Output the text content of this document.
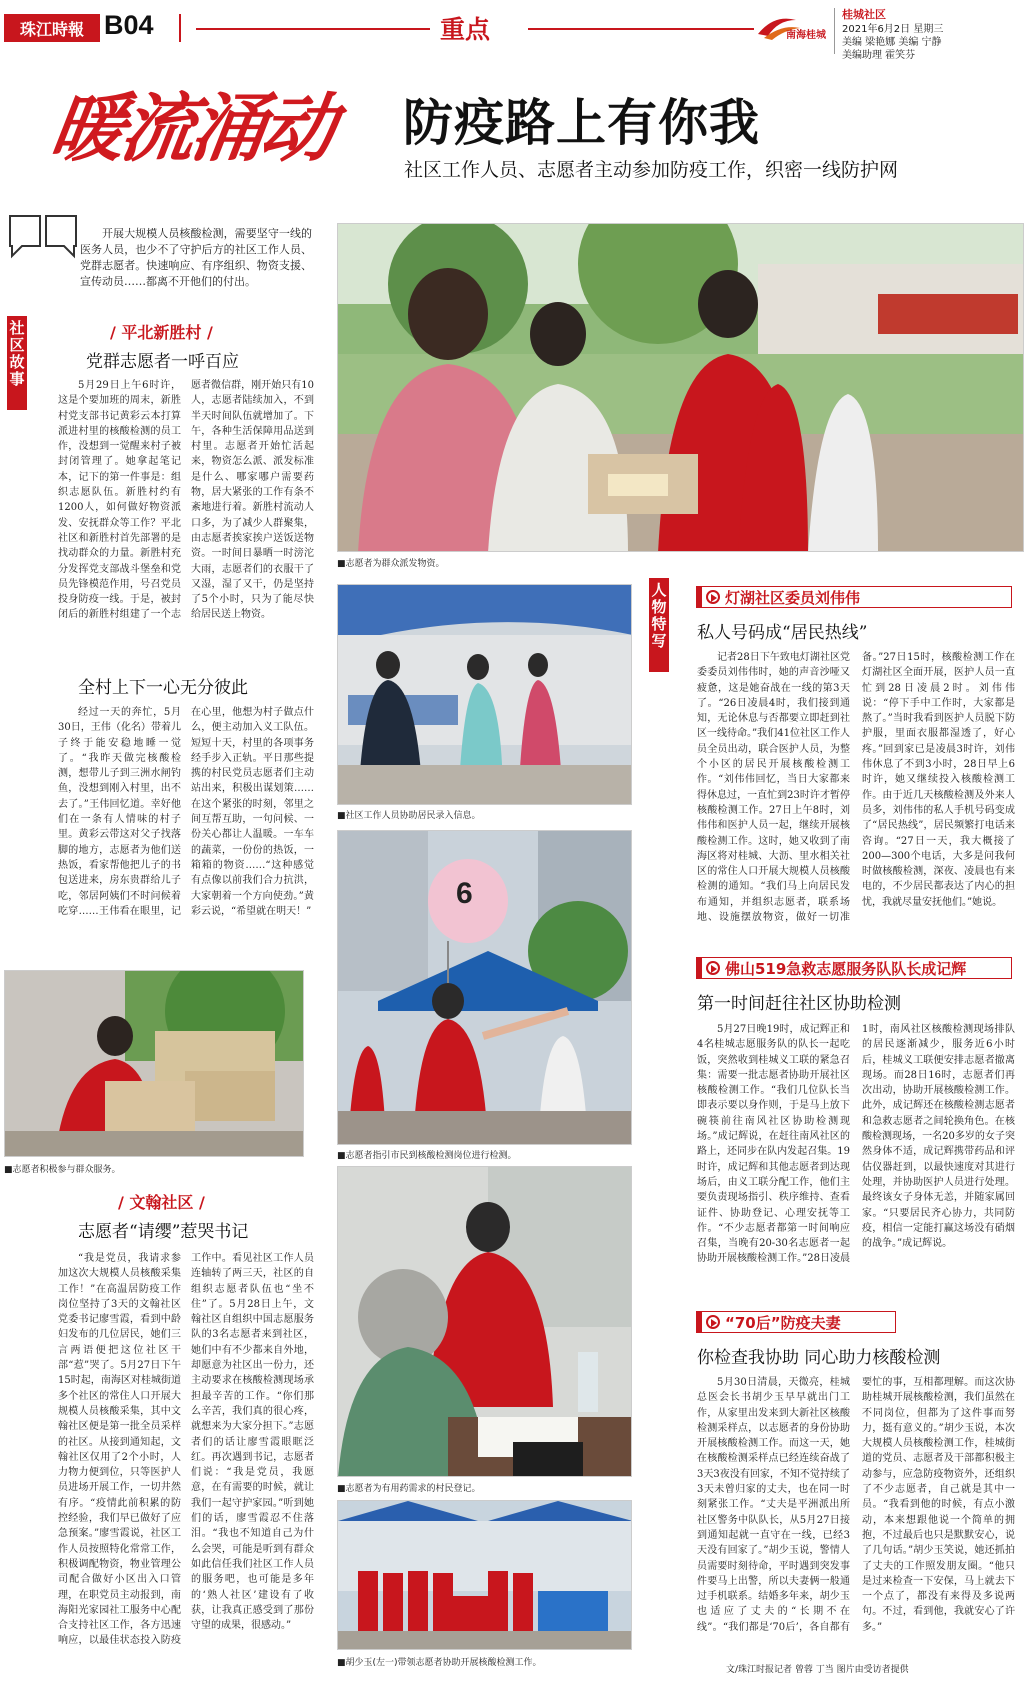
珠江時報 B04	重点	南海桂城
桂城社区
2021年6月2日 星期三
美编 梁艳娜 美编 宁静
美编助理 霍笑芬
暖流涌动 防疫路上有你我
社区工作人员、志愿者主动参加防疫工作，织密一线防护网

开展大规模人员核酸检测，需要坚守一线的医务人员，也少不了守护后方的社区工作人员、党群志愿者。快速响应、有序组织、物资支援、宣传动员……都离不开他们的付出。

社区故事
人物特写
/ 平北新胜村 /
党群志愿者一呼百应

5月29日上午6时许，这是个要加班的周末，新胜村党支部书记黄彩云本打算派进村里的核酸检测的员工作，没想到一觉醒来村子被封闭管理了。她拿起笔记本，记下的第一件事是：组织志愿队伍。新胜村约有1200人，如何做好物资派发、安抚群众等工作？平北社区和新胜村首先部署的是找动群众的力量。新胜村充分发挥党支部战斗堡垒和党员先锋模范作用，号召党员投身防疫一线。于是，被封闭后的新胜村组建了一个志愿者微信群，刚开始只有10人，志愿者陆续加入，不到半天时间队伍就增加了。下午，各种生活保障用品送到村里。志愿者开始忙活起来，物资怎么派、派发标准是什么、哪家哪户需要药物，居大紧张的工作有条不紊地进行着。新胜村流动人口多，为了减少人群聚集，由志愿者挨家挨户送饭送物资。一时间日暴晒一时滂沱大雨，志愿者们的衣服干了又湿，湿了又干，仍是坚持了5个小时，只为了能尽快给居民送上物资。

全村上下一心无分彼此

经过一天的奔忙，5月30日，王伟（化名）带着儿子终于能安稳地睡一觉了。“我昨天做完核酸检测，想带儿子到三洲水闸钓鱼，没想到刚入村里，出不去了。”王伟回忆道。幸好他们在一条有人情味的村子里。黄彩云带这对父子找落脚的地方，志愿者为他们送热饭，看家帮他把儿子的书包送进来，房东贵群给儿子吃，邻居阿姨们不时问候着吃穿……王伟看在眼里，记在心里，他想为村子做点什么，便主动加入义工队伍。短短十天，村里的各项事务经手步入正轨。平日那些提携的村民党员志愿者们主动站出来，积极出谋划策……在这个紧张的时刻，邻里之间互帮互助，一句问候、一份关心都让人温暖。一车车的蔬菜，一份份的热饭，一箱箱的物资……“这种感觉有点像以前我们合力抗洪，大家朝着一个方向使劲。”黄彩云说，“希望就在明天！”

/ 文翰社区 /
志愿者“请缨”惹哭书记

“我是党员，我请求参加这次大规模人员核酸采集工作！”在高温居防疫工作岗位坚持了3天的文翰社区党委书记廖雪霞，看到中龄妇发布的几位居民，她们三言两语便把这位社区干部“惹”哭了。5月27日下午15时起，南海区对桂城街道多个社区的常住人口开展大规模人员核酸采集，其中文翰社区便是第一批全员采样的社区。从接到通知起，文翰社区仅用了2个小时，人力物力便到位，只等医护人员进场开展工作，一切井然有序。“疫情此前积累的防控经验，我们早已做好了应急预案。”廖雪霞说，社区工作人员按照特化常常工作，积极调配物资，物业管理公司配合做好小区出入口管理，在职党员主动报到，南海阳光家园社工服务中心配合支持社区工作，各方迅速响应，以最佳状态投入防疫工作中。看见社区工作人员连轴转了两三天，社区的自组织志愿者队伍也“坐不住”了。5月28日上午，文翰社区自组织中国志愿服务队的3名志愿者来到社区，她们中有不少都来自外地，却愿意为社区出一份力，还主动要求在核酸检测现场承担最辛苦的工作。“你们那么辛苦，我们真的很心疼，就想来为大家分担下。”志愿者们的话让廖雪霞眼眶泛红。再次遇到书记，志愿者们说：“我是党员，我愿意，在有需要的时候，就让我们一起守护家园。”听到她们的话，廖雪霞忍不住落泪。“我也不知道自己为什么会哭，可能是听到有群众如此信任我们社区工作人员的服务吧，也可能是多年的‘熟人社区’建设有了收获，让我真正感受到了那份守望的成果，很感动。”

灯湖社区委员刘伟伟
私人号码成“居民热线”

记者28日下午致电灯湖社区党委委员刘伟伟时，她的声音沙哑又疲惫，这是她奋战在一线的第3天了。“26日凌晨4时，我们接到通知，无论休息与否都要立即赶到社区一线待命。”我们41位社区工作人员全员出动，联合医护人员，为整个小区的居民开展核酸检测工作。“刘伟伟回忆，当日大家都来得休息过，一直忙到23时许才暂停核酸检测工作。27日上午8时，刘伟伟和医护人员一起，继续开展核酸检测工作。这时，她又收到了南海区将对桂城、大沥、里水相关社区的常住人口开展大规模人员核酸检测的通知。“我们马上向居民发布通知，并组织志愿者，联系场地、设施摆放物资，做好一切准备。”27日15时，核酸检测工作在灯湖社区全面开展，医护人员一直忙到28日凌晨2时。刘伟伟说：“停下手中工作时，大家都是熬了。”当时我看到医护人员脱下防护服，里面衣服都湿透了，好心疼。”回到家已是凌晨3时许，刘伟伟休息了不到3小时，28日早上6时许，她又继续投入核酸检测工作。由于近几天核酸检测及外来人员多，刘伟伟的私人手机号码变成了“居民热线”，居民频繁打电话来咨询。“27日一天，我大概接了200—300个电话，大多是问我何时做核酸检测，深夜、凌晨也有来电的，不少居民都表达了内心的担忧，我就尽量安抚他们。”她说。

佛山519急救志愿服务队队长成记辉
第一时间赶往社区协助检测

5月27日晚19时，成记辉正和4名桂城志愿服务队的队长一起吃饭，突然收到桂城义工联的紧急召集：需要一批志愿者协助开展社区核酸检测工作。“我们几位队长当即表示要以身作则，于是马上放下碗筷前往南风社区协助检测现场。”成记辉说，在赶往南风社区的路上，还同步在队内发起召集。19时许，成记辉和其他志愿者到达现场后，由义工联分配工作，他们主要负责现场指引、秩序维持、查看证件、协助登记、心理安抚等工作。“不少志愿者都第一时间响应召集，当晚有20-30名志愿者一起协助开展核酸检测工作。”28日凌晨1时，南风社区核酸检测现场排队的居民逐渐减少，服务近6小时后，桂城义工联便安排志愿者撤离现场。而28日16时，志愿者们再次出动，协助开展核酸检测工作。此外，成记辉还在核酸检测志愿者和急救志愿者之间轮换角色。在核酸检测现场，一名20多岁的女子突然身体不适，成记辉携带药品和评估仪器赶到，以最快速度对其进行处理，并协助医护人员进行处理。最终该女子身体无恙，并随家属回家。“只要居民齐心协力，共同防疫，相信一定能打赢这场没有硝烟的战争。”成记辉说。

“70后”防疫夫妻
你检查我协助 同心助力核酸检测

5月30日清晨，天微亮，桂城总医会长书胡少玉早早就出门工作，从家里出发来到大新社区核酸检测采样点，以志愿者的身份协助开展核酸检测工作。而这一天，她在核酸检测采样点已经连续奋战了3天3夜没有回家，不知不觉持续了3天未曾归家的丈夫，也在同一时刻紧张工作。“丈夫是平洲派出所社区警务中队队长，从5月27日接到通知起就一直守在一线，已经3天没有回家了。”胡少玉说，警情人员需要时刻待命，平时遇到突发事件要马上出警，所以夫妻俩一般通过手机联系。结婚多年来，胡少玉也适应了丈夫的“长期不在线”。“我们都是‘70后’，各自都有要忙的事，互相都理解。而这次协助桂城开展核酸检测，我们虽然在不同岗位，但都为了这件事而努力，挺有意义的。”胡少玉说，本次大规模人员核酸检测工作，桂城街道的党员、志愿者及干部都积极主动参与，应急防疫物资外，还组织了不少志愿者，自己就是其中一员。“我看到他的时候，有点小激动，本来想跟他说一个简单的拥抱，不过最后也只是默默安心，说了几句话。”胡少玉笑说，她还抓拍了丈夫的工作照发朋友圈。“他只是过来检查一下安保，马上就去下一个点了，都没有来得及多说两句。不过，看到他，我就安心了许多。”

■志愿者为群众派发物资。
■社区工作人员协助居民录入信息。
6
■志愿者指引市民到核酸检测岗位进行检测。
■志愿者积极参与群众服务。
■志愿者为有用药需求的村民登记。
■胡少玉(左一)带领志愿者协助开展核酸检测工作。
文/珠江时报记者 曾蓉 丁当 图片由受访者提供
